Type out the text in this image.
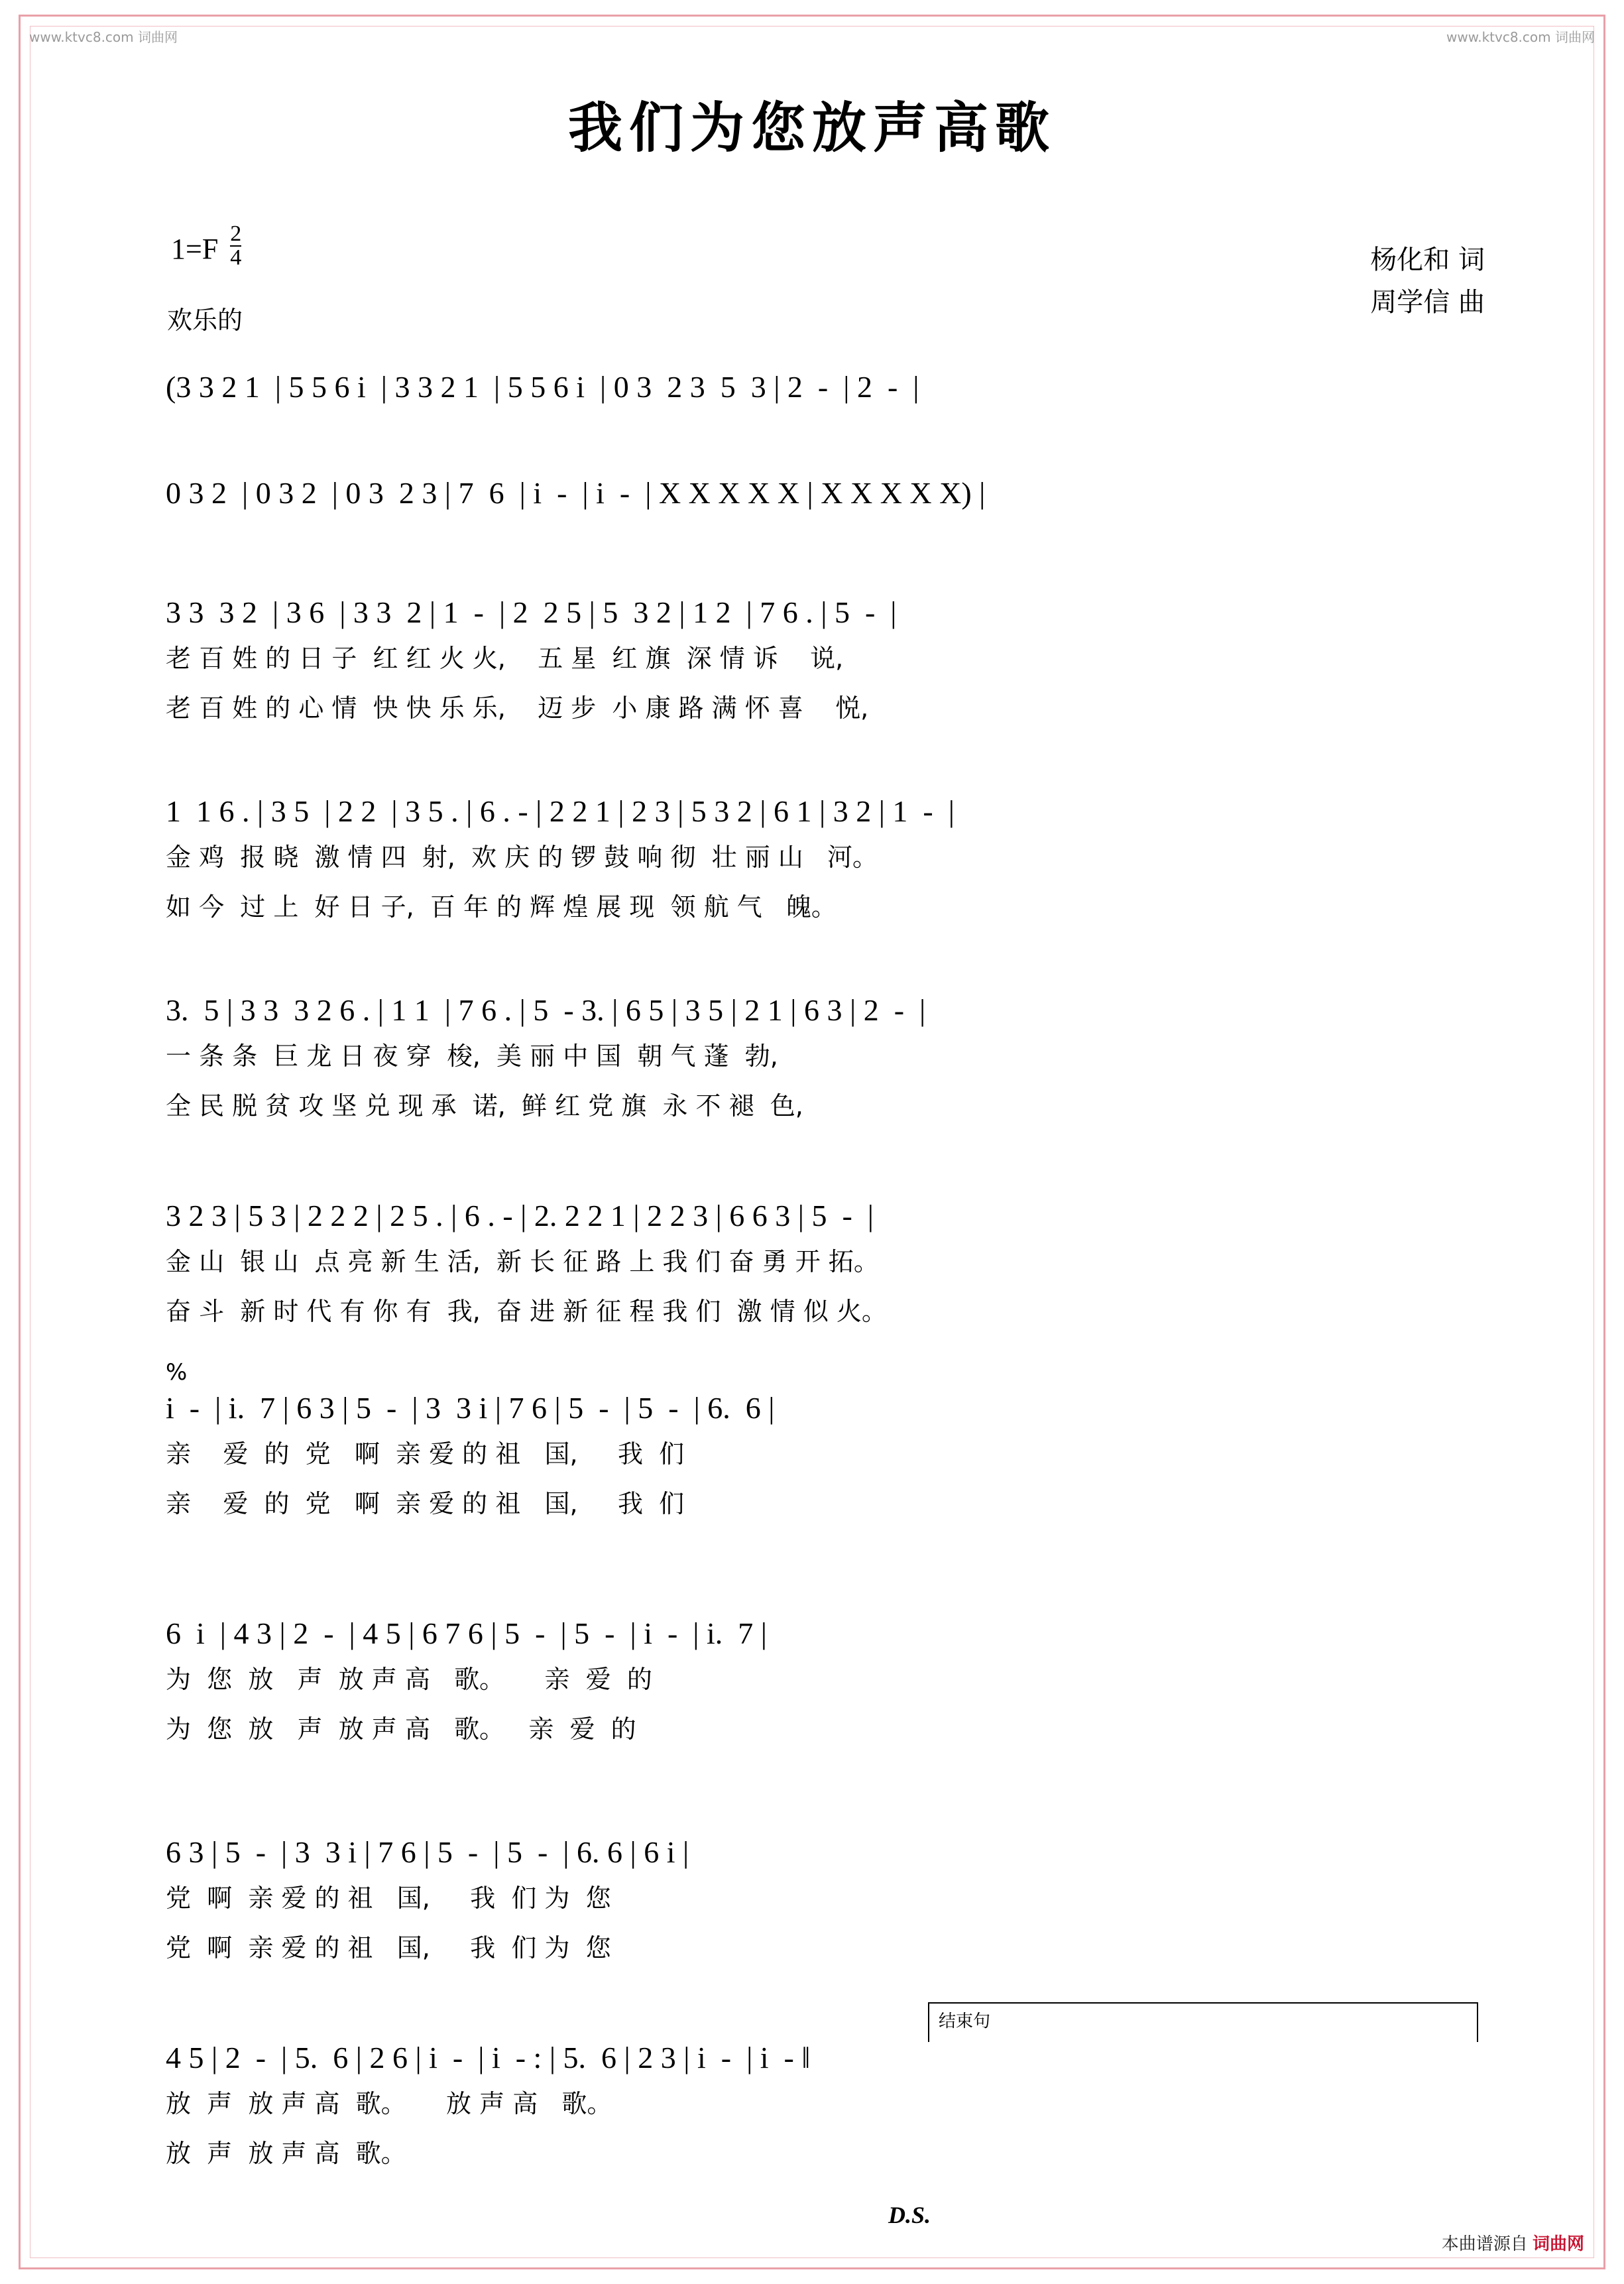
www.ktvc8.com 词曲网	www.ktvc8.com 词曲网
我们为您放声高歌
$1=F \frac{2}{4}$
欢乐的
杨化和 词
周学信 曲
(3 3 2 1  | 5 5 6 i  | 3 3 2 1  | 5 5 6 i  | 0 3  2 3  5  3 | 2  -  | 2  -  |
0 3 2  | 0 3 2  | 0 3  2 3 | 7  6  | i  -  | i  -  | X X X X X | X X X X X) |
3 3  3 2  | 3 6  | 3 3  2 | 1  -  | 2  2 5 | 5  3 2 | 1 2  | 7 6 . | 5  -  |
老 百 姓 的 日 子  红 红 火 火,    五 星  红 旗  深 情 诉    说,
老 百 姓 的 心 情  快 快 乐 乐,    迈 步  小 康 路 满 怀 喜    悦,
1  1 6 . | 3 5  | 2 2  | 3 5 . | 6 . - | 2 2 1 | 2 3 | 5 3 2 | 6 1 | 3 2 | 1  -  |
金 鸡  报 晓  激 情 四  射,  欢 庆 的 锣 鼓 响 彻  壮 丽 山   河。
如 今  过 上  好 日 子,  百 年 的 辉 煌 展 现  领 航 气   魄。
3.  5 | 3 3  3 2 6 . | 1 1  | 7 6 . | 5  - 3. | 6 5 | 3 5 | 2 1 | 6 3 | 2  -  |
一 条 条  巨 龙 日 夜 穿  梭,  美 丽 中 国  朝 气 蓬  勃,
全 民 脱 贫 攻 坚 兑 现 承  诺,  鲜 红 党 旗  永 不 褪  色,
3 2 3 | 5 3 | 2 2 2 | 2 5 . | 6 . - | 2. 2 2 1 | 2 2 3 | 6 6 3 | 5  -  |
金 山  银 山  点 亮 新 生 活,  新 长 征 路 上 我 们 奋 勇 开 拓。
奋 斗  新 时 代 有 你 有  我,  奋 进 新 征 程 我 们  激 情 似 火。
%
i  -  | i.  7 | 6 3 | 5  -  | 3  3 i | 7 6 | 5  -  | 5  -  | 6.  6 |
亲    爱  的  党   啊  亲 爱 的 祖   国,     我  们
亲    爱  的  党   啊  亲 爱 的 祖   国,     我  们
6  i  | 4 3 | 2  -  | 4 5 | 6 7 6 | 5  -  | 5  -  | i  -  | i.  7 |
为  您  放   声  放 声 高   歌。     亲  爱  的
为  您  放   声  放 声 高   歌。   亲  爱  的
6 3 | 5  -  | 3  3 i | 7 6 | 5  -  | 5  -  | 6. 6 | 6 i |
党  啊  亲 爱 的 祖   国,     我  们 为  您
党  啊  亲 爱 的 祖   国,     我  们 为  您
结束句
4 5 | 2  -  | 5.  6 | 2 6 | i  -  | i  - : | 5.  6 | 2 3 | i  -  | i  - ‖
放  声  放 声 高  歌。     放 声 高   歌。
放  声  放 声 高  歌。
D.S.
本曲谱源自 词曲网
